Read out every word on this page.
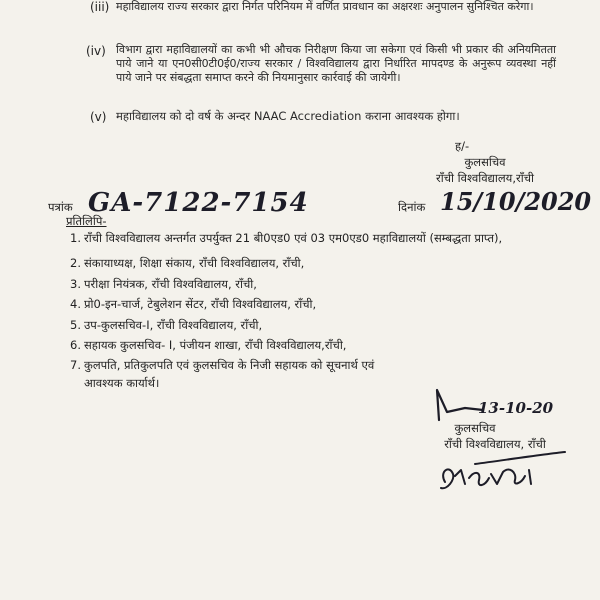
(iii) महाविद्यालय राज्य सरकार द्वारा निर्गत परिनियम में वर्णित प्रावधान का अक्षरशः अनुपालन सुनिश्चित करेगा।
(iv) विभाग द्वारा महाविद्यालयों का कभी भी औचक निरीक्षण किया जा सकेगा एवं किसी भी प्रकार की अनियमितता पाये जाने या एन0सी0टी0ई0/राज्य सरकार / विश्वविद्यालय द्वारा निर्धारित मापदण्ड के अनुरूप व्यवस्था नहीं पाये जाने पर संबद्धता समाप्त करने की नियमानुसार कार्रवाई की जायेगी।
(v) महाविद्यालय को दो वर्ष के अन्दर NAAC Accrediation कराना आवश्यक होगा।
ह/-
कुलसचिव
राँची विश्वविद्यालय,राँची
पत्रांक GA-7122-7154	दिनांक 15/10/2020
प्रतिलिपि-
1. राँची विश्वविद्यालय अन्तर्गत उपर्युक्त 21 बी0एड0 एवं 03 एम0एड0 महाविद्यालयों (सम्बद्धता प्राप्त),
2. संकायाध्यक्ष, शिक्षा संकाय, राँची विश्वविद्यालय, राँची,
3. परीक्षा नियंत्रक, राँची विश्वविद्यालय, राँची,
4. प्रो0-इन-चार्ज, टेबुलेशन सेंटर, राँची विश्वविद्यालय, राँची,
5. उप-कुलसचिव-I, राँची विश्वविद्यालय, राँची,
6. सहायक कुलसचिव- I, पंजीयन शाखा, राँची विश्वविद्यालय,राँची,
7. कुलपति, प्रतिकुलपति एवं कुलसचिव के निजी सहायक को सूचनार्थ एवं आवश्यक कार्यार्थ।
13-10-20
कुलसचिव
राँची विश्वविद्यालय, राँची
